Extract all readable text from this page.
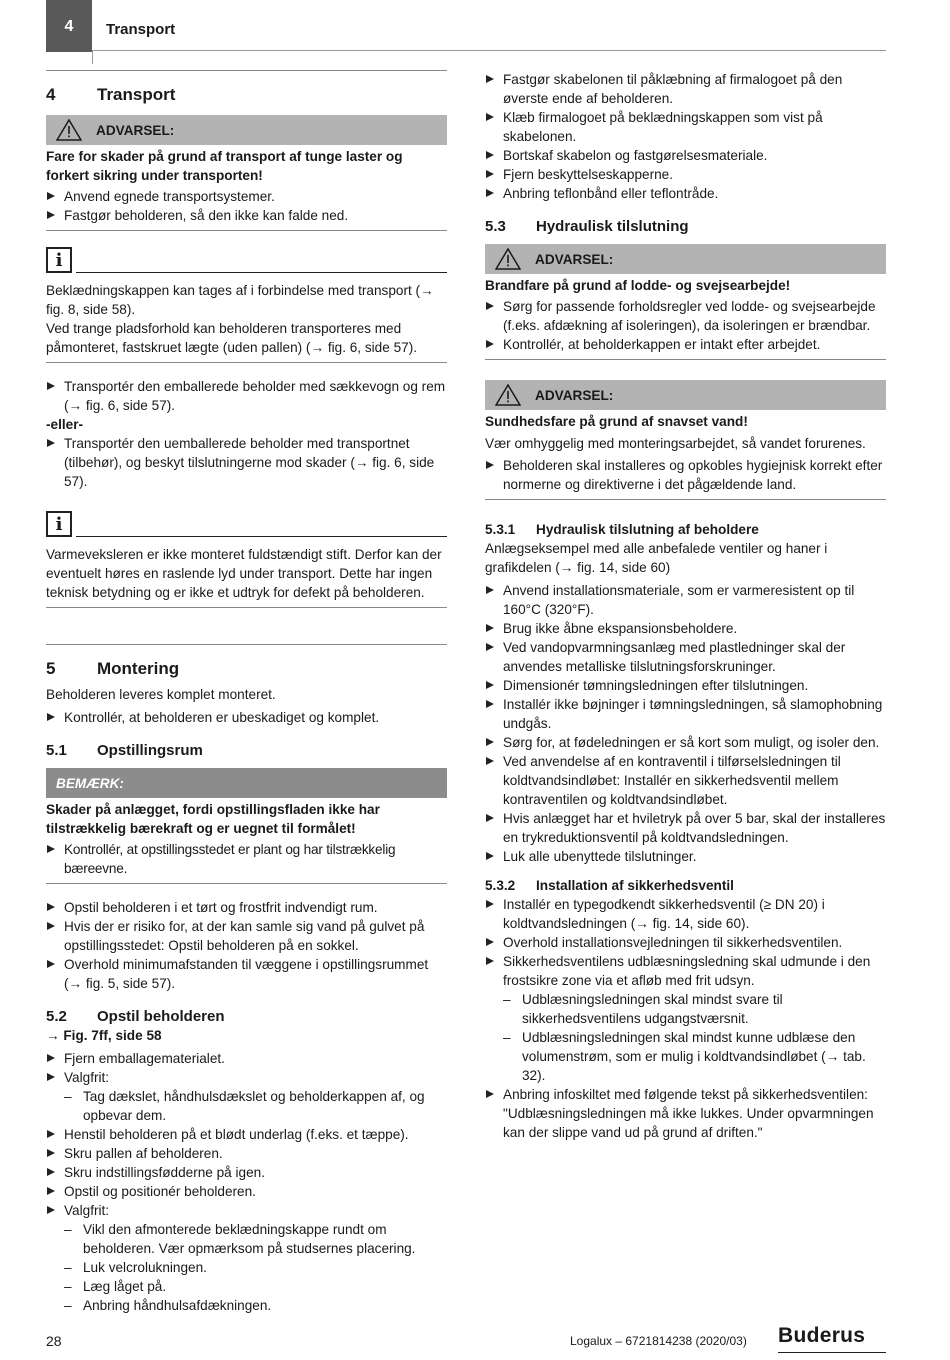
4	Transport
4	Transport
ADVARSEL:

Fare for skader på grund af transport af tunge laster og forkert sikring under transporten!

Anvend egnede transportsystemer.
Fastgør beholderen, så den ikke kan falde ned.
i

Beklædningskappen kan tages af i forbindelse med transport (→ fig. 8, side 58).
Ved trange pladsforhold kan beholderen transporteres med påmonteret, fastskruet lægte (uden pallen) (→ fig. 6, side 57).

Transportér den emballerede beholder med sækkevogn og rem (→ fig. 6, side 57).

-eller-

Transportér den uemballerede beholder med transportnet (tilbehør), og beskyt tilslutningerne mod skader (→ fig. 6, side 57).
i

Varmeveksleren er ikke monteret fuldstændigt stift. Derfor kan der eventuelt høres en raslende lyd under transport. Dette har ingen teknisk betydning og er ikke et udtryk for defekt på beholderen.

5	Montering

Beholderen leveres komplet monteret.

Kontrollér, at beholderen er ubeskadiget og komplet.
5.1	Opstillingsrum
BEMÆRK:

Skader på anlægget, fordi opstillingsfladen ikke har tilstrækkelig bærekraft og er uegnet til formålet!

Kontrollér, at opstillingsstedet er plant og har tilstrækkelig bæreevne.
Opstil beholderen i et tørt og frostfrit indvendigt rum.
Hvis der er risiko for, at der kan samle sig vand på gulvet på opstillingsstedet: Opstil beholderen på en sokkel.
Overhold minimumafstanden til væggene i opstillingsrummet (→ fig. 5, side 57).
5.2	Opstil beholderen

→ Fig. 7ff, side 58

Fjern emballagematerialet.
Valgfrit:
– Tag dækslet, håndhulsdækslet og beholderkappen af, og opbevar dem.
Henstil beholderen på et blødt underlag (f.eks. et tæppe).
Skru pallen af beholderen.
Skru indstillingsfødderne på igen.
Opstil og positionér beholderen.
Valgfrit:
– Vikl den afmonterede beklædningskappe rundt om beholderen. Vær opmærksom på studsernes placering.
– Luk velcrolukningen.
– Læg låget på.
– Anbring håndhulsafdækningen.
Fastgør skabelonen til påklæbning af firmalogoet på den øverste ende af beholderen.
Klæb firmalogoet på beklædningskappen som vist på skabelonen.
Bortskaf skabelon og fastgørelsesmateriale.
Fjern beskyttelseskapperne.
Anbring teflonbånd eller teflontråde.
5.3	Hydraulisk tilslutning
ADVARSEL:

Brandfare på grund af lodde- og svejsearbejde!

Sørg for passende forholdsregler ved lodde- og svejsearbejde (f.eks. afdækning af isoleringen), da isoleringen er brændbar.
Kontrollér, at beholderkappen er intakt efter arbejdet.
ADVARSEL:

Sundhedsfare på grund af snavset vand!

Vær omhyggelig med monteringsarbejdet, så vandet forurenes.

Beholderen skal installeres og opkobles hygiejnisk korrekt efter normerne og direktiverne i det pågældende land.
5.3.1	Hydraulisk tilslutning af beholdere

Anlægseksempel med alle anbefalede ventiler og haner i grafikdelen (→ fig. 14, side 60)

Anvend installationsmateriale, som er varmeresistent op til 160°C (320°F).
Brug ikke åbne ekspansionsbeholdere.
Ved vandopvarmningsanlæg med plastledninger skal der anvendes metalliske tilslutningsforskruninger.
Dimensionér tømningsledningen efter tilslutningen.
Installér ikke bøjninger i tømningsledningen, så slamophobning undgås.
Sørg for, at fødeledningen er så kort som muligt, og isoler den.
Ved anvendelse af en kontraventil i tilførselsledningen til koldtvandsindløbet: Installér en sikkerhedsventil mellem kontraventilen og koldtvandsindløbet.
Hvis anlægget har et hviletryk på over 5 bar, skal der installeres en trykreduktionsventil på koldtvandsledningen.
Luk alle ubenyttede tilslutninger.
5.3.2	Installation af sikkerhedsventil
Installér en typegodkendt sikkerhedsventil (≥ DN 20) i koldtvandsledningen (→ fig. 14, side 60).
Overhold installationsvejledningen til sikkerhedsventilen.
Sikkerhedsventilens udblæsningsledning skal udmunde i den frostsikre zone via et afløb med frit udsyn.
– Udblæsningsledningen skal mindst svare til sikkerhedsventilens udgangstværsnit.
– Udblæsningsledningen skal mindst kunne udblæse den volumenstrøm, som er mulig i koldtvandsindløbet (→ tab. 32).
Anbring infoskiltet med følgende tekst på sikkerhedsventilen: "Udblæsningsledningen må ikke lukkes. Under opvarmningen kan der slippe vand ud på grund af driften."
28	Logalux – 6721814238 (2020/03) Buderus
